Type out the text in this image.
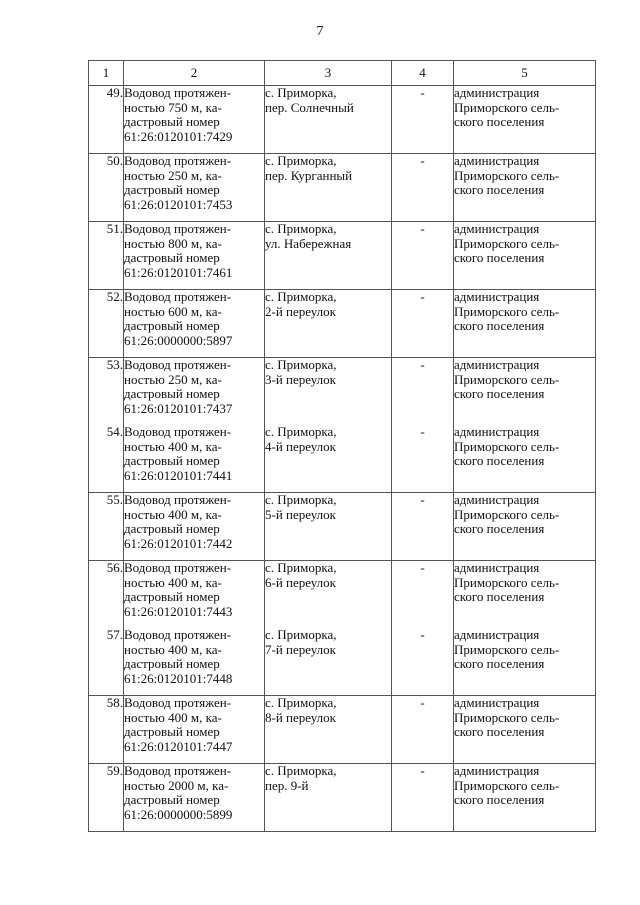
7
1	2	3	4	5
49.	Водовод протяжен-
ностью 750 м, ка-
дастровый номер
61:26:0120101:7429	с. Приморка,
пер. Солнечный	-	администрация
Приморского сель-
ского поселения

50.	Водовод протяжен-
ностью 250 м, ка-
дастровый номер
61:26:0120101:7453	с. Приморка,
пер. Курганный	-	администрация
Приморского сель-
ского поселения

51.	Водовод протяжен-
ностью 800 м, ка-
дастровый номер
61:26:0120101:7461	с. Приморка,
ул. Набережная	-	администрация
Приморского сель-
ского поселения

52.	Водовод протяжен-
ностью 600 м, ка-
дастровый номер
61:26:0000000:5897	с. Приморка,
2-й переулок	-	администрация
Приморского сель-
ского поселения

53.	Водовод протяжен-
ностью 250 м, ка-
дастровый номер
61:26:0120101:7437	с. Приморка,
3-й переулок	-	администрация
Приморского сель-
ского поселения

54.	Водовод протяжен-
ностью 400 м, ка-
дастровый номер
61:26:0120101:7441	с. Приморка,
4-й переулок	-	администрация
Приморского сель-
ского поселения

55.	Водовод протяжен-
ностью 400 м, ка-
дастровый номер
61:26:0120101:7442	с. Приморка,
5-й переулок	-	администрация
Приморского сель-
ского поселения

56.	Водовод протяжен-
ностью 400 м, ка-
дастровый номер
61:26:0120101:7443	с. Приморка,
6-й переулок	-	администрация
Приморского сель-
ского поселения

57.	Водовод протяжен-
ностью 400 м, ка-
дастровый номер
61:26:0120101:7448	с. Приморка,
7-й переулок	-	администрация
Приморского сель-
ского поселения

58.	Водовод протяжен-
ностью 400 м, ка-
дастровый номер
61:26:0120101:7447	с. Приморка,
8-й переулок	-	администрация
Приморского сель-
ского поселения

59.	Водовод протяжен-
ностью 2000 м, ка-
дастровый номер
61:26:0000000:5899	с. Приморка,
пер. 9-й	-	администрация
Приморского сель-
ского поселения
